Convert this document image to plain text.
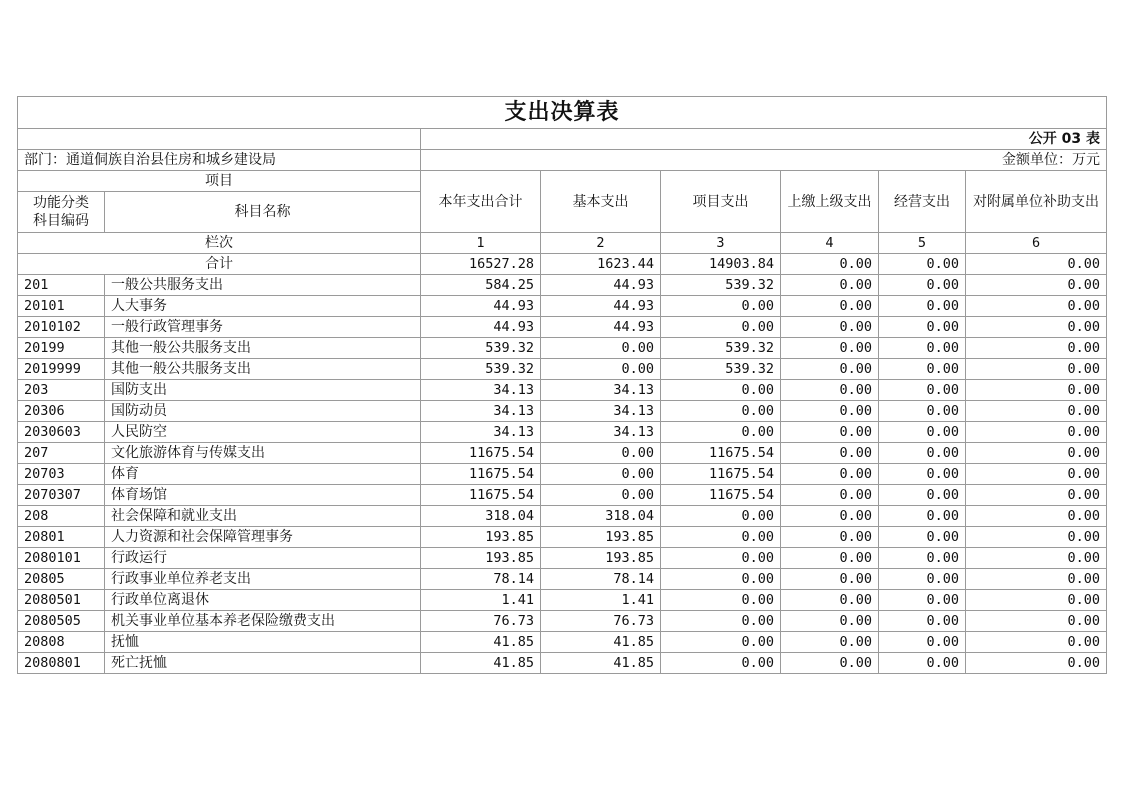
支出决算表							
		公开 03 表					
部门：通道侗族自治县住房和城乡建设局		金额单位：万元					
项目		本年支出合计	基本支出	项目支出	上缴上级支出	经营支出	对附属单位补助支出
功能分类科目编码	科目名称						
栏次		1	2	3	4	5	6
合计		16527.28	1623.44	14903.84	0.00	0.00	0.00
201	一般公共服务支出	584.25	44.93	539.32	0.00	0.00	0.00
20101	人大事务	44.93	44.93	0.00	0.00	0.00	0.00
2010102	一般行政管理事务	44.93	44.93	0.00	0.00	0.00	0.00
20199	其他一般公共服务支出	539.32	0.00	539.32	0.00	0.00	0.00
2019999	其他一般公共服务支出	539.32	0.00	539.32	0.00	0.00	0.00
203	国防支出	34.13	34.13	0.00	0.00	0.00	0.00
20306	国防动员	34.13	34.13	0.00	0.00	0.00	0.00
2030603	人民防空	34.13	34.13	0.00	0.00	0.00	0.00
207	文化旅游体育与传媒支出	11675.54	0.00	11675.54	0.00	0.00	0.00
20703	体育	11675.54	0.00	11675.54	0.00	0.00	0.00
2070307	体育场馆	11675.54	0.00	11675.54	0.00	0.00	0.00
208	社会保障和就业支出	318.04	318.04	0.00	0.00	0.00	0.00
20801	人力资源和社会保障管理事务	193.85	193.85	0.00	0.00	0.00	0.00
2080101	行政运行	193.85	193.85	0.00	0.00	0.00	0.00
20805	行政事业单位养老支出	78.14	78.14	0.00	0.00	0.00	0.00
2080501	行政单位离退休	1.41	1.41	0.00	0.00	0.00	0.00
2080505	机关事业单位基本养老保险缴费支出	76.73	76.73	0.00	0.00	0.00	0.00
20808	抚恤	41.85	41.85	0.00	0.00	0.00	0.00
2080801	死亡抚恤	41.85	41.85	0.00	0.00	0.00	0.00
